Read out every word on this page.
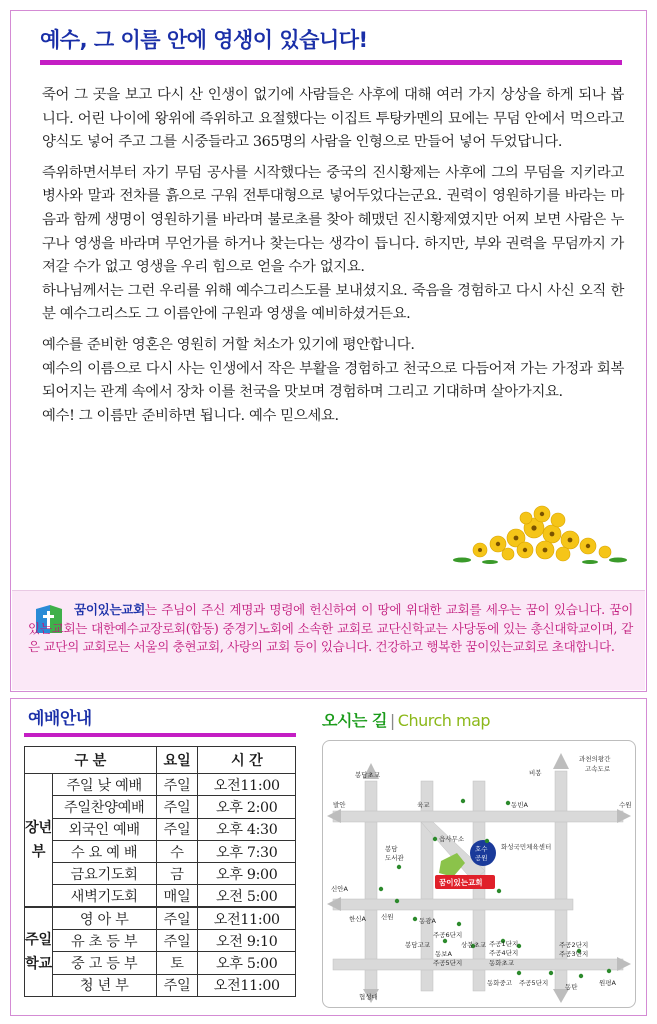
예수, 그 이름 안에 영생이 있습니다!

죽어 그 곳을 보고 다시 산 인생이 없기에 사람들은 사후에 대해 여러 가지 상상을 하게 되나 봅니다. 어린 나이에 왕위에 즉위하고 요절했다는 이집트 투탕카멘의 묘에는 무덤 안에서 먹으라고 양식도 넣어 주고 그를 시중들라고 365명의 사람을 인형으로 만들어 넣어 두었답니다.

즉위하면서부터 자기 무덤 공사를 시작했다는 중국의 진시황제는 사후에 그의 무덤을 지키라고 병사와 말과 전차를 흙으로 구워 전투대형으로 넣어두었다는군요. 권력이 영원하기를 바라는 마음과 함께 생명이 영원하기를 바라며 불로초를 찾아 헤맸던 진시황제였지만 어찌 보면 사람은 누구나 영생을 바라며 무언가를 하거나 찾는다는 생각이 듭니다. 하지만, 부와 권력을 무덤까지 가져갈 수가 없고 영생을 우리 힘으로 얻을 수가 없지요.

하나님께서는 그런 우리를 위해 예수그리스도를 보내셨지요. 죽음을 경험하고 다시 사신 오직 한분 예수그리스도 그 이름안에 구원과 영생을 예비하셨거든요.

예수를 준비한 영혼은 영원히 거할 처소가 있기에 평안합니다.

예수의 이름으로 다시 사는 인생에서 작은 부활을 경험하고 천국으로 다듬어져 가는 가정과 회복되어지는 관계 속에서 장차 이를 천국을 맛보며 경험하며 그리고 기대하며 살아가지요.

예수! 그 이름만 준비하면 됩니다. 예수 믿으세요.

꿈이있는교회는 주님이 주신 계명과 명령에 헌신하여 이 땅에 위대한 교회를 세우는 꿈이 있습니다. 꿈이있는교회는 대한예수교장로회(합동) 중경기노회에 소속한 교회로 교단신학교는 사당동에 있는 총신대학교이며, 같은 교단의 교회로는 서울의 충현교회, 사랑의 교회 등이 있습니다. 건강하고 행복한 꿈이있는교회로 초대합니다.

예배안내
구 분		요일	시 간
장년부	주일 낮 예배	주일	오전11:00
	주일찬양예배	주일	오후 2:00
	외국인 예배	주일	오후 4:30
	수 요 예 배	수	오후 7:30
	금요기도회	금	오후 9:00
	새벽기도회	매일	오전 5:00
주일학교	영 아 부	주일	오전11:00
	유 초 등 부	주일	오전 9:10
	중 고 등 부	토	오후 5:00
	청 년 부	주일	오전11:00
오시는 길 | Church map
호수
공원
꿈이있는교회
봉담초교
과천의왕간
고속도로
비봉
수원
육교	동빈A
발안
읍사무소
봉담
도서관
화성국민체육센터
신안A
한신A 신원	동광A
봉담고교	상봉초교
동보A
주공5단지
주공1단지
주공4단지
동화초교
주공2단지
주공3단지
주공6단지
협성대
동화중고 주공5단지	동탄	원평A
